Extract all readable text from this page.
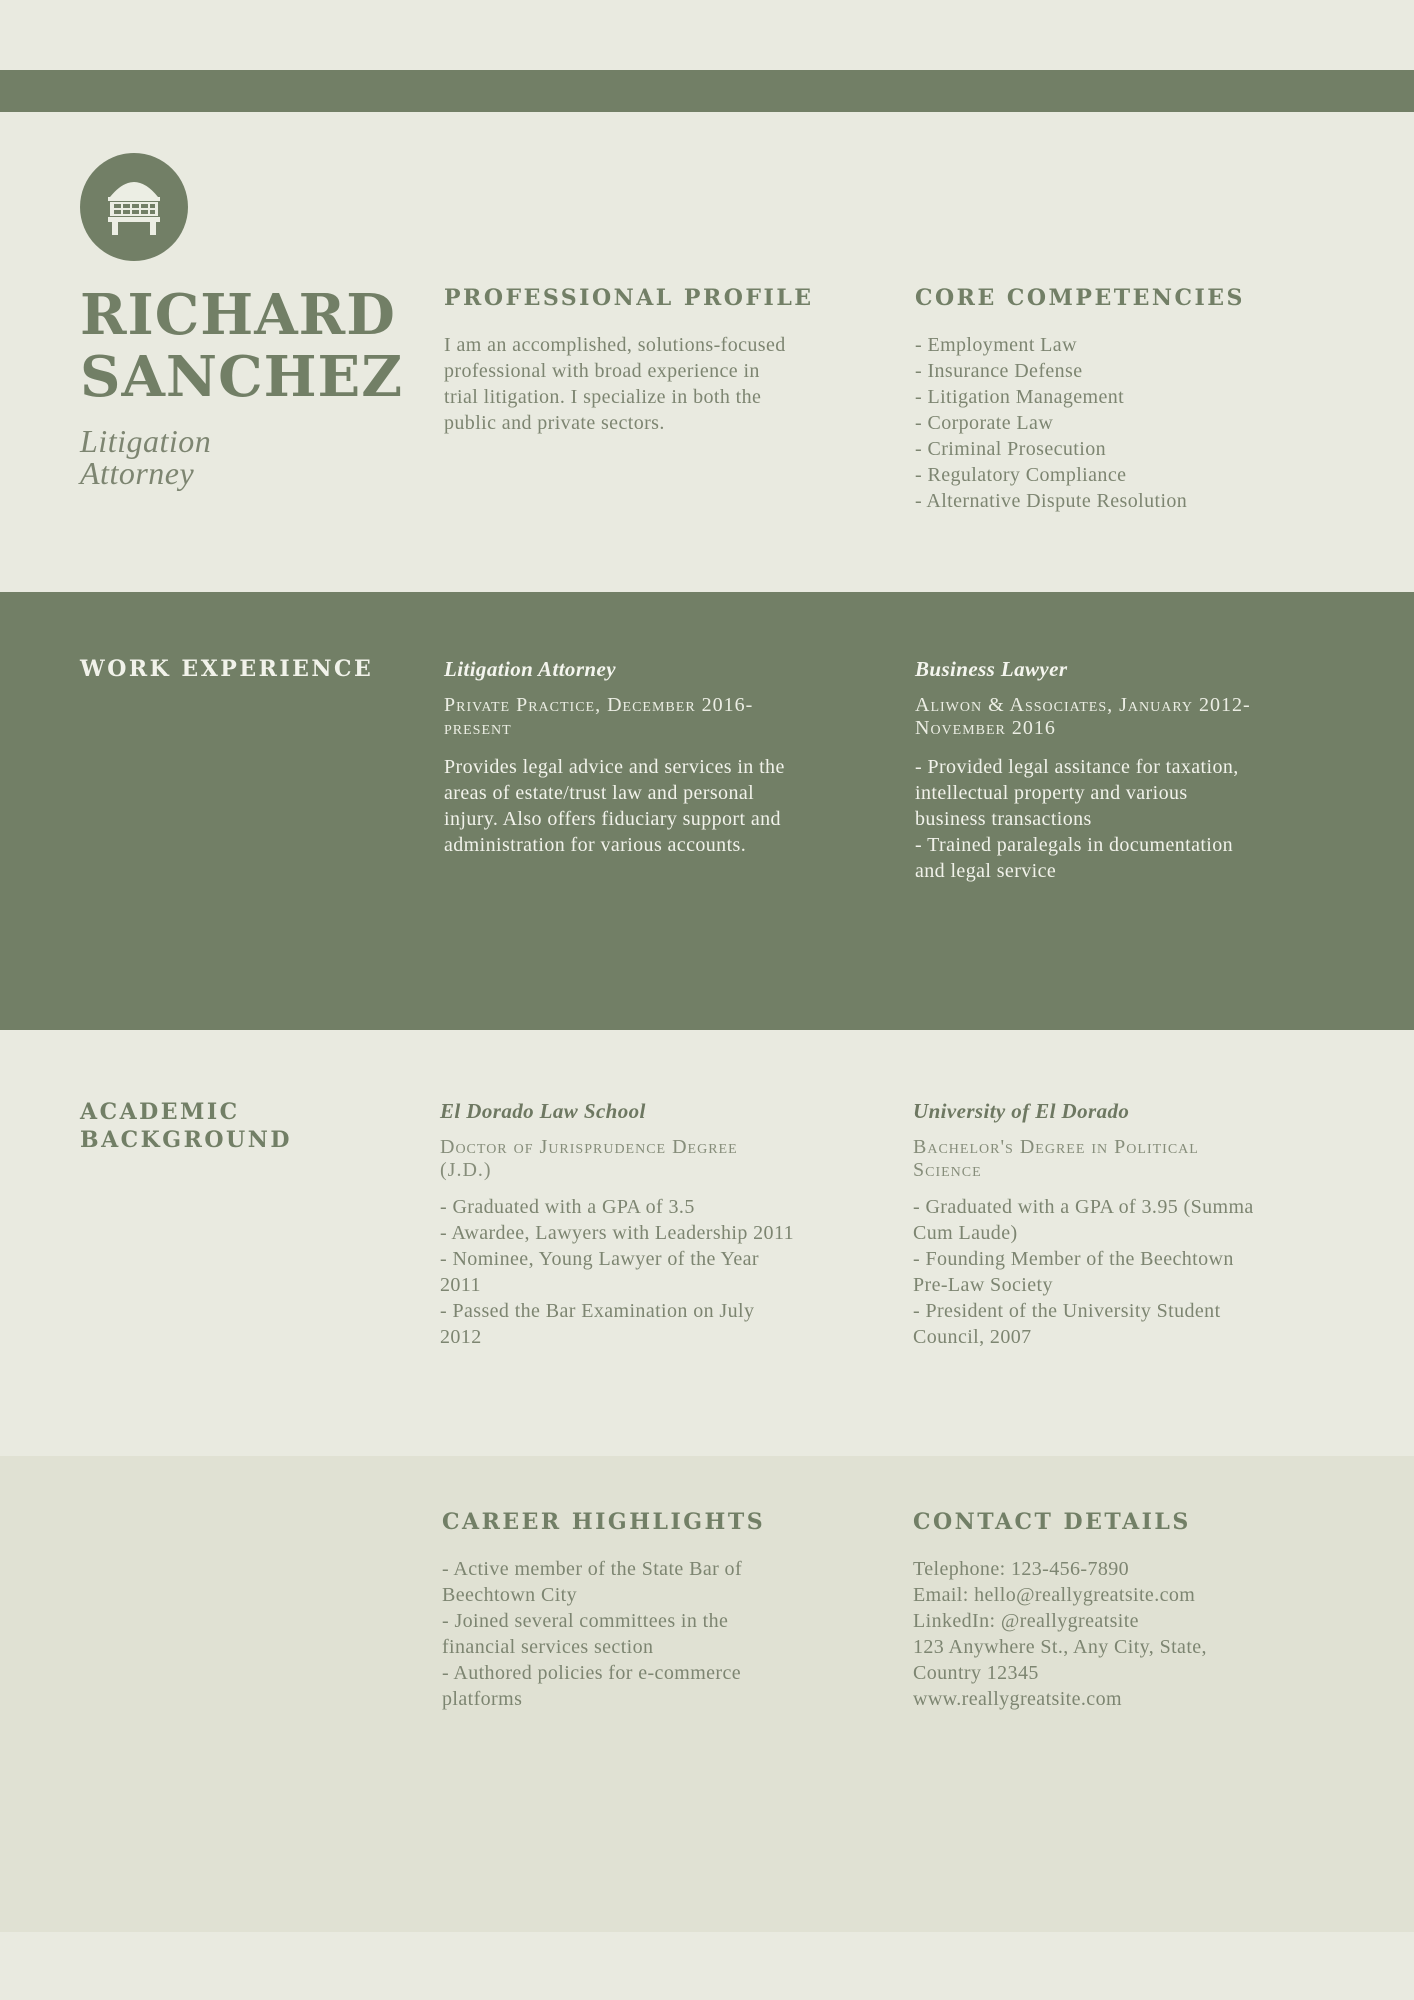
RICHARD
SANCHEZ
Litigation
Attorney
PROFESSIONAL PROFILE
I am an accomplished, solutions-focused
professional with broad experience in
trial litigation. I specialize in both the
public and private sectors.
CORE COMPETENCIES
- Employment Law
- Insurance Defense
- Litigation Management
- Corporate Law
- Criminal Prosecution
- Regulatory Compliance
- Alternative Dispute Resolution
WORK EXPERIENCE	Litigation Attorney
Private Practice, December 2016-
present
Provides legal advice and services in the
areas of estate/trust law and personal
injury. Also offers fiduciary support and
administration for various accounts.
Business Lawyer
Aliwon & Associates, January 2012-
November 2016
- Provided legal assitance for taxation,
intellectual property and various
business transactions
- Trained paralegals in documentation
and legal service
ACADEMIC
BACKGROUND
El Dorado Law School
Doctor of Jurisprudence Degree
(J.D.)
- Graduated with a GPA of 3.5
- Awardee, Lawyers with Leadership 2011
- Nominee, Young Lawyer of the Year
2011
- Passed the Bar Examination on July
2012
University of El Dorado
Bachelor's Degree in Political
Science
- Graduated with a GPA of 3.95 (Summa
Cum Laude)
- Founding Member of the Beechtown
Pre-Law Society
- President of the University Student
Council, 2007
CAREER HIGHLIGHTS
- Active member of the State Bar of
Beechtown City
- Joined several committees in the
financial services section
- Authored policies for e-commerce
platforms
CONTACT DETAILS
Telephone: 123-456-7890
Email: hello@reallygreatsite.com
LinkedIn: @reallygreatsite
123 Anywhere St., Any City, State,
Country 12345
www.reallygreatsite.com
